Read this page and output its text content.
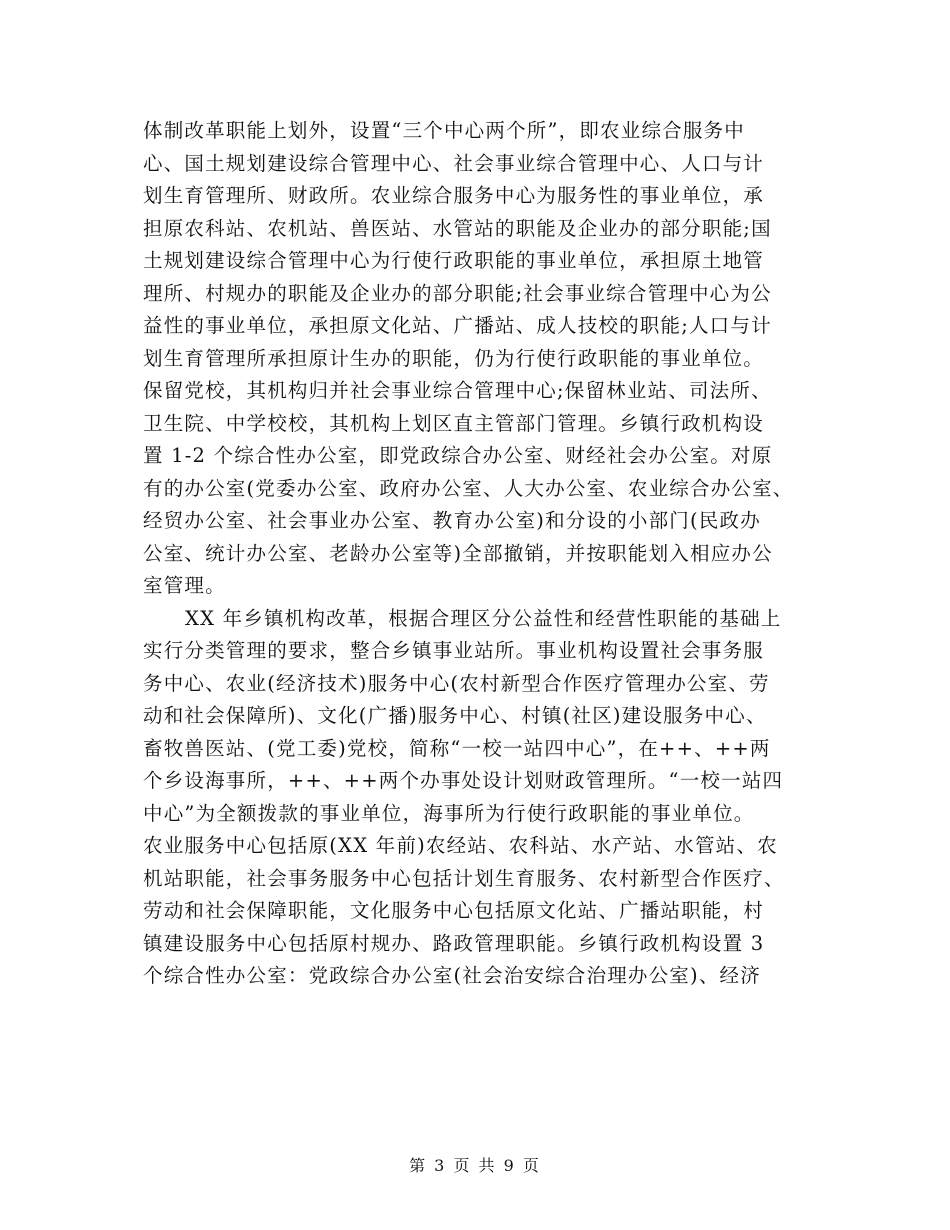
体制改革职能上划外，设置“三个中心两个所”，即农业综合服务中
心、国土规划建设综合管理中心、社会事业综合管理中心、人口与计
划生育管理所、财政所。农业综合服务中心为服务性的事业单位，承
担原农科站、农机站、兽医站、水管站的职能及企业办的部分职能;国
土规划建设综合管理中心为行使行政职能的事业单位，承担原土地管
理所、村规办的职能及企业办的部分职能;社会事业综合管理中心为公
益性的事业单位，承担原文化站、广播站、成人技校的职能;人口与计
划生育管理所承担原计生办的职能，仍为行使行政职能的事业单位。
保留党校，其机构归并社会事业综合管理中心;保留林业站、司法所、
卫生院、中学校校，其机构上划区直主管部门管理。乡镇行政机构设
置 1-2 个综合性办公室，即党政综合办公室、财经社会办公室。对原
有的办公室(党委办公室、政府办公室、人大办公室、农业综合办公室、
经贸办公室、社会事业办公室、教育办公室)和分设的小部门(民政办
公室、统计办公室、老龄办公室等)全部撤销，并按职能划入相应办公
室管理。
XX 年乡镇机构改革，根据合理区分公益性和经营性职能的基础上
实行分类管理的要求，整合乡镇事业站所。事业机构设置社会事务服
务中心、农业(经济技术)服务中心(农村新型合作医疗管理办公室、劳
动和社会保障所)、文化(广播)服务中心、村镇(社区)建设服务中心、
畜牧兽医站、(党工委)党校，简称“一校一站四中心”，在++、++两
个乡设海事所，++、++两个办事处设计划财政管理所。“一校一站四
中心”为全额拨款的事业单位，海事所为行使行政职能的事业单位。
农业服务中心包括原(XX 年前)农经站、农科站、水产站、水管站、农
机站职能，社会事务服务中心包括计划生育服务、农村新型合作医疗、
劳动和社会保障职能，文化服务中心包括原文化站、广播站职能，村
镇建设服务中心包括原村规办、路政管理职能。乡镇行政机构设置 3
个综合性办公室：党政综合办公室(社会治安综合治理办公室)、经济
第 3 页 共 9 页
